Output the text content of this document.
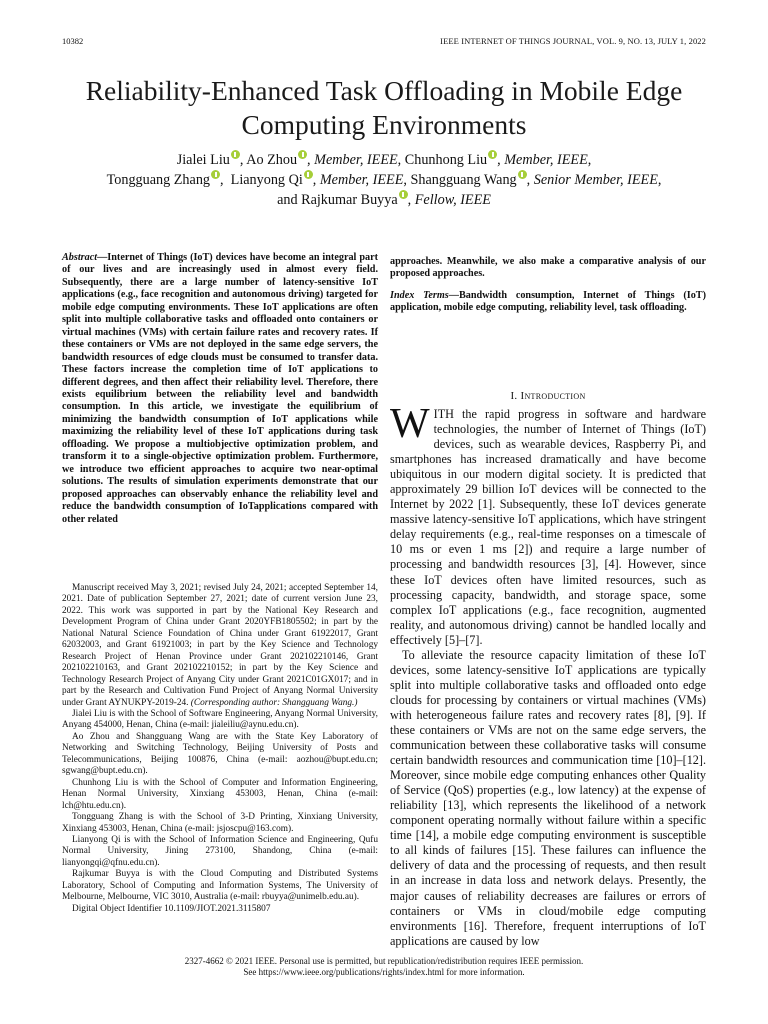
10382	IEEE INTERNET OF THINGS JOURNAL, VOL. 9, NO. 13, JULY 1, 2022
Reliability-Enhanced Task Offloading in Mobile Edge Computing Environments
Jialei Liu , Ao Zhou , Member, IEEE, Chunhong Liu , Member, IEEE,
Tongguang Zhang ,  Lianyong Qi , Member, IEEE, Shangguang Wang , Senior Member, IEEE,
and Rajkumar Buyya , Fellow, IEEE
Abstract—Internet of Things (IoT) devices have become an integral part of our lives and are increasingly used in almost every field. Subsequently, there are a large number of latency-sensitive IoT applications (e.g., face recognition and autonomous driving) targeted for mobile edge computing environments. These IoT applications are often split into multiple collaborative tasks and offloaded onto containers or virtual machines (VMs) with certain failure rates and recovery rates. If these containers or VMs are not deployed in the same edge servers, the bandwidth resources of edge clouds must be consumed to transfer data. These factors increase the completion time of IoT applications to different degrees, and then affect their reliability level. Therefore, there exists equilibrium between the reliability level and bandwidth consumption. In this article, we investigate the equilibrium of minimizing the bandwidth consumption of IoT applications while maximizing the reliability level of these IoT applications during task offloading. We propose a multiobjective optimization problem, and transform it to a single-objective optimization problem. Furthermore, we introduce two efficient approaches to acquire two near-optimal solutions. The results of simulation experiments demonstrate that our proposed approaches can observably enhance the reliability level and reduce the bandwidth consumption of IoTapplications compared with other related

Manuscript received May 3, 2021; revised July 24, 2021; accepted September 14, 2021. Date of publication September 27, 2021; date of current version June 23, 2022. This work was supported in part by the National Key Research and Development Program of China under Grant 2020YFB1805502; in part by the National Natural Science Foundation of China under Grant 61922017, Grant 62032003, and Grant 61921003; in part by the Key Science and Technology Research Project of Henan Province under Grant 202102210146, Grant 202102210163, and Grant 202102210152; in part by the Key Science and Technology Research Project of Anyang City under Grant 2021C01GX017; and in part by the Research and Cultivation Fund Project of Anyang Normal University under Grant AYNUKPY-2019-24. (Corresponding author: Shangguang Wang.)

Jialei Liu is with the School of Software Engineering, Anyang Normal University, Anyang 454000, Henan, China (e-mail: jialeiliu@aynu.edu.cn).

Ao Zhou and Shangguang Wang are with the State Key Laboratory of Networking and Switching Technology, Beijing University of Posts and Telecommunications, Beijing 100876, China (e-mail: aozhou@bupt.edu.cn; sgwang@bupt.edu.cn).

Chunhong Liu is with the School of Computer and Information Engineering, Henan Normal University, Xinxiang 453003, Henan, China (e-mail: lch@htu.edu.cn).

Tongguang Zhang is with the School of 3-D Printing, Xinxiang University, Xinxiang 453003, Henan, China (e-mail: jsjoscpu@163.com).

Lianyong Qi is with the School of Information Science and Engineering, Qufu Normal University, Jining 273100, Shandong, China (e-mail: lianyongqi@qfnu.edu.cn).

Rajkumar Buyya is with the Cloud Computing and Distributed Systems Laboratory, School of Computing and Information Systems, The University of Melbourne, Melbourne, VIC 3010, Australia (e-mail: rbuyya@unimelb.edu.au).

Digital Object Identifier 10.1109/JIOT.2021.3115807

approaches. Meanwhile, we also make a comparative analysis of our proposed approaches.
Index Terms—Bandwidth consumption, Internet of Things (IoT) application, mobile edge computing, reliability level, task offloading.
I. Introduction

WITH the rapid progress in software and hardware technologies, the number of Internet of Things (IoT) devices, such as wearable devices, Raspberry Pi, and smartphones has increased dramatically and have become ubiquitous in our modern digital society. It is predicted that approximately 29 billion IoT devices will be connected to the Internet by 2022 [1]. Subsequently, these IoT devices generate massive latency-sensitive IoT applications, which have stringent delay requirements (e.g., real-time responses on a timescale of 10 ms or even 1 ms [2]) and require a large number of processing and bandwidth resources [3], [4]. However, since these IoT devices often have limited resources, such as processing capacity, bandwidth, and storage space, some complex IoT applications (e.g., face recognition, augmented reality, and autonomous driving) cannot be handled locally and effectively [5]–[7].

To alleviate the resource capacity limitation of these IoT devices, some latency-sensitive IoT applications are typically split into multiple collaborative tasks and offloaded onto edge clouds for processing by containers or virtual machines (VMs) with heterogeneous failure rates and recovery rates [8], [9]. If these containers or VMs are not on the same edge servers, the communication between these collaborative tasks will consume certain bandwidth resources and communication time [10]–[12]. Moreover, since mobile edge computing enhances other Quality of Service (QoS) properties (e.g., low latency) at the expense of reliability [13], which represents the likelihood of a network component operating normally without failure within a specific time [14], a mobile edge computing environment is susceptible to all kinds of failures [15]. These failures can influence the delivery of data and the processing of requests, and then result in an increase in data loss and network delays. Presently, the major causes of reliability decreases are failures or errors of containers or VMs in cloud/mobile edge computing environments [16]. Therefore, frequent interruptions of IoT applications are caused by low

2327-4662 © 2021 IEEE. Personal use is permitted, but republication/redistribution requires IEEE permission.
See https://www.ieee.org/publications/rights/index.html for more information.
